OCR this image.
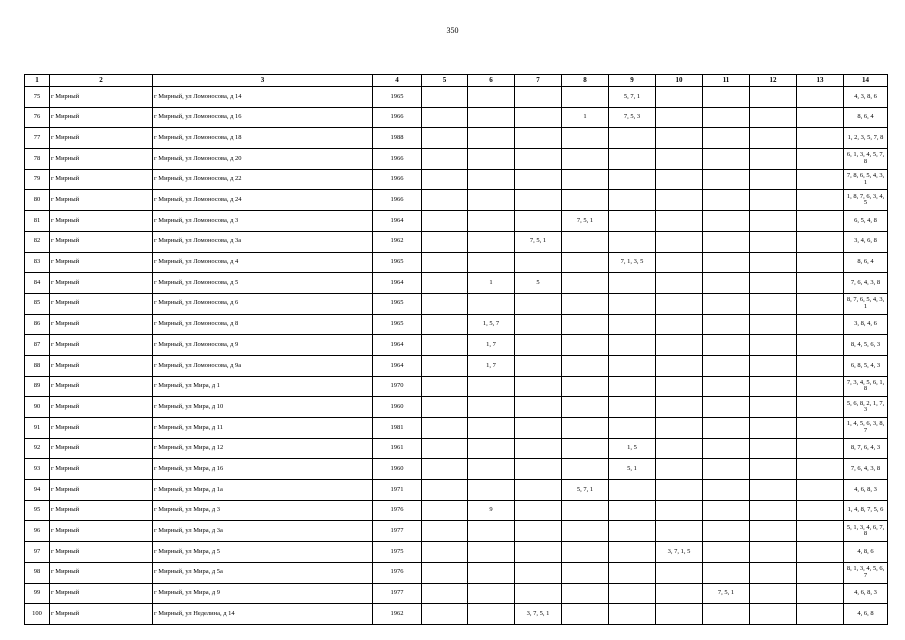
350
1	2	3	4	5	6	7	8	9	10	11	12	13	14
75	г Мирный	г Мирный, ул Ломоносова, д 14	1965					5, 7, 1					4, 3, 8, 6
76	г Мирный	г Мирный, ул Ломоносова, д 16	1966				1	7, 5, 3					8, 6, 4
77	г Мирный	г Мирный, ул Ломоносова, д 18	1988										1, 2, 3, 5, 7, 8
78	г Мирный	г Мирный, ул Ломоносова, д 20	1966										6, 1, 3, 4, 5, 7, 8
79	г Мирный	г Мирный, ул Ломоносова, д 22	1966										7, 8, 6, 5, 4, 3, 1
80	г Мирный	г Мирный, ул Ломоносова, д 24	1966										1, 8, 7, 6, 3, 4, 5
81	г Мирный	г Мирный, ул Ломоносова, д 3	1964				7, 5, 1						6, 5, 4, 8
82	г Мирный	г Мирный, ул Ломоносова, д 3а	1962			7, 5, 1							3, 4, 6, 8
83	г Мирный	г Мирный, ул Ломоносова, д 4	1965					7, 1, 3, 5					8, 6, 4
84	г Мирный	г Мирный, ул Ломоносова, д 5	1964		1	5							7, 6, 4, 3, 8
85	г Мирный	г Мирный, ул Ломоносова, д 6	1965										8, 7, 6, 5, 4, 3, 1
86	г Мирный	г Мирный, ул Ломоносова, д 8	1965		1, 5, 7								3, 8, 4, 6
87	г Мирный	г Мирный, ул Ломоносова, д 9	1964		1, 7								8, 4, 5, 6, 3
88	г Мирный	г Мирный, ул Ломоносова, д 9а	1964		1, 7								6, 8, 5, 4, 3
89	г Мирный	г Мирный, ул Мира, д 1	1970										7, 3, 4, 5, 6, 1, 8
90	г Мирный	г Мирный, ул Мира, д 10	1960										5, 6, 8, 2, 1, 7, 3
91	г Мирный	г Мирный, ул Мира, д 11	1981										1, 4, 5, 6, 3, 8, 7
92	г Мирный	г Мирный, ул Мира, д 12	1961					1, 5					8, 7, 6, 4, 3
93	г Мирный	г Мирный, ул Мира, д 16	1960					5, 1					7, 6, 4, 3, 8
94	г Мирный	г Мирный, ул Мира, д 1а	1971				5, 7, 1						4, 6, 8, 3
95	г Мирный	г Мирный, ул Мира, д 3	1976		9								1, 4, 8, 7, 5, 6
96	г Мирный	г Мирный, ул Мира, д 3а	1977										5, 1, 3, 4, 6, 7, 8
97	г Мирный	г Мирный, ул Мира, д 5	1975						3, 7, 1, 5				4, 8, 6
98	г Мирный	г Мирный, ул Мира, д 5а	1976										8, 1, 3, 4, 5, 6, 7
99	г Мирный	г Мирный, ул Мира, д 9	1977							7, 5, 1			4, 6, 8, 3
100	г Мирный	г Мирный, ул Неделина, д 14	1962			3, 7, 5, 1							4, 6, 8
